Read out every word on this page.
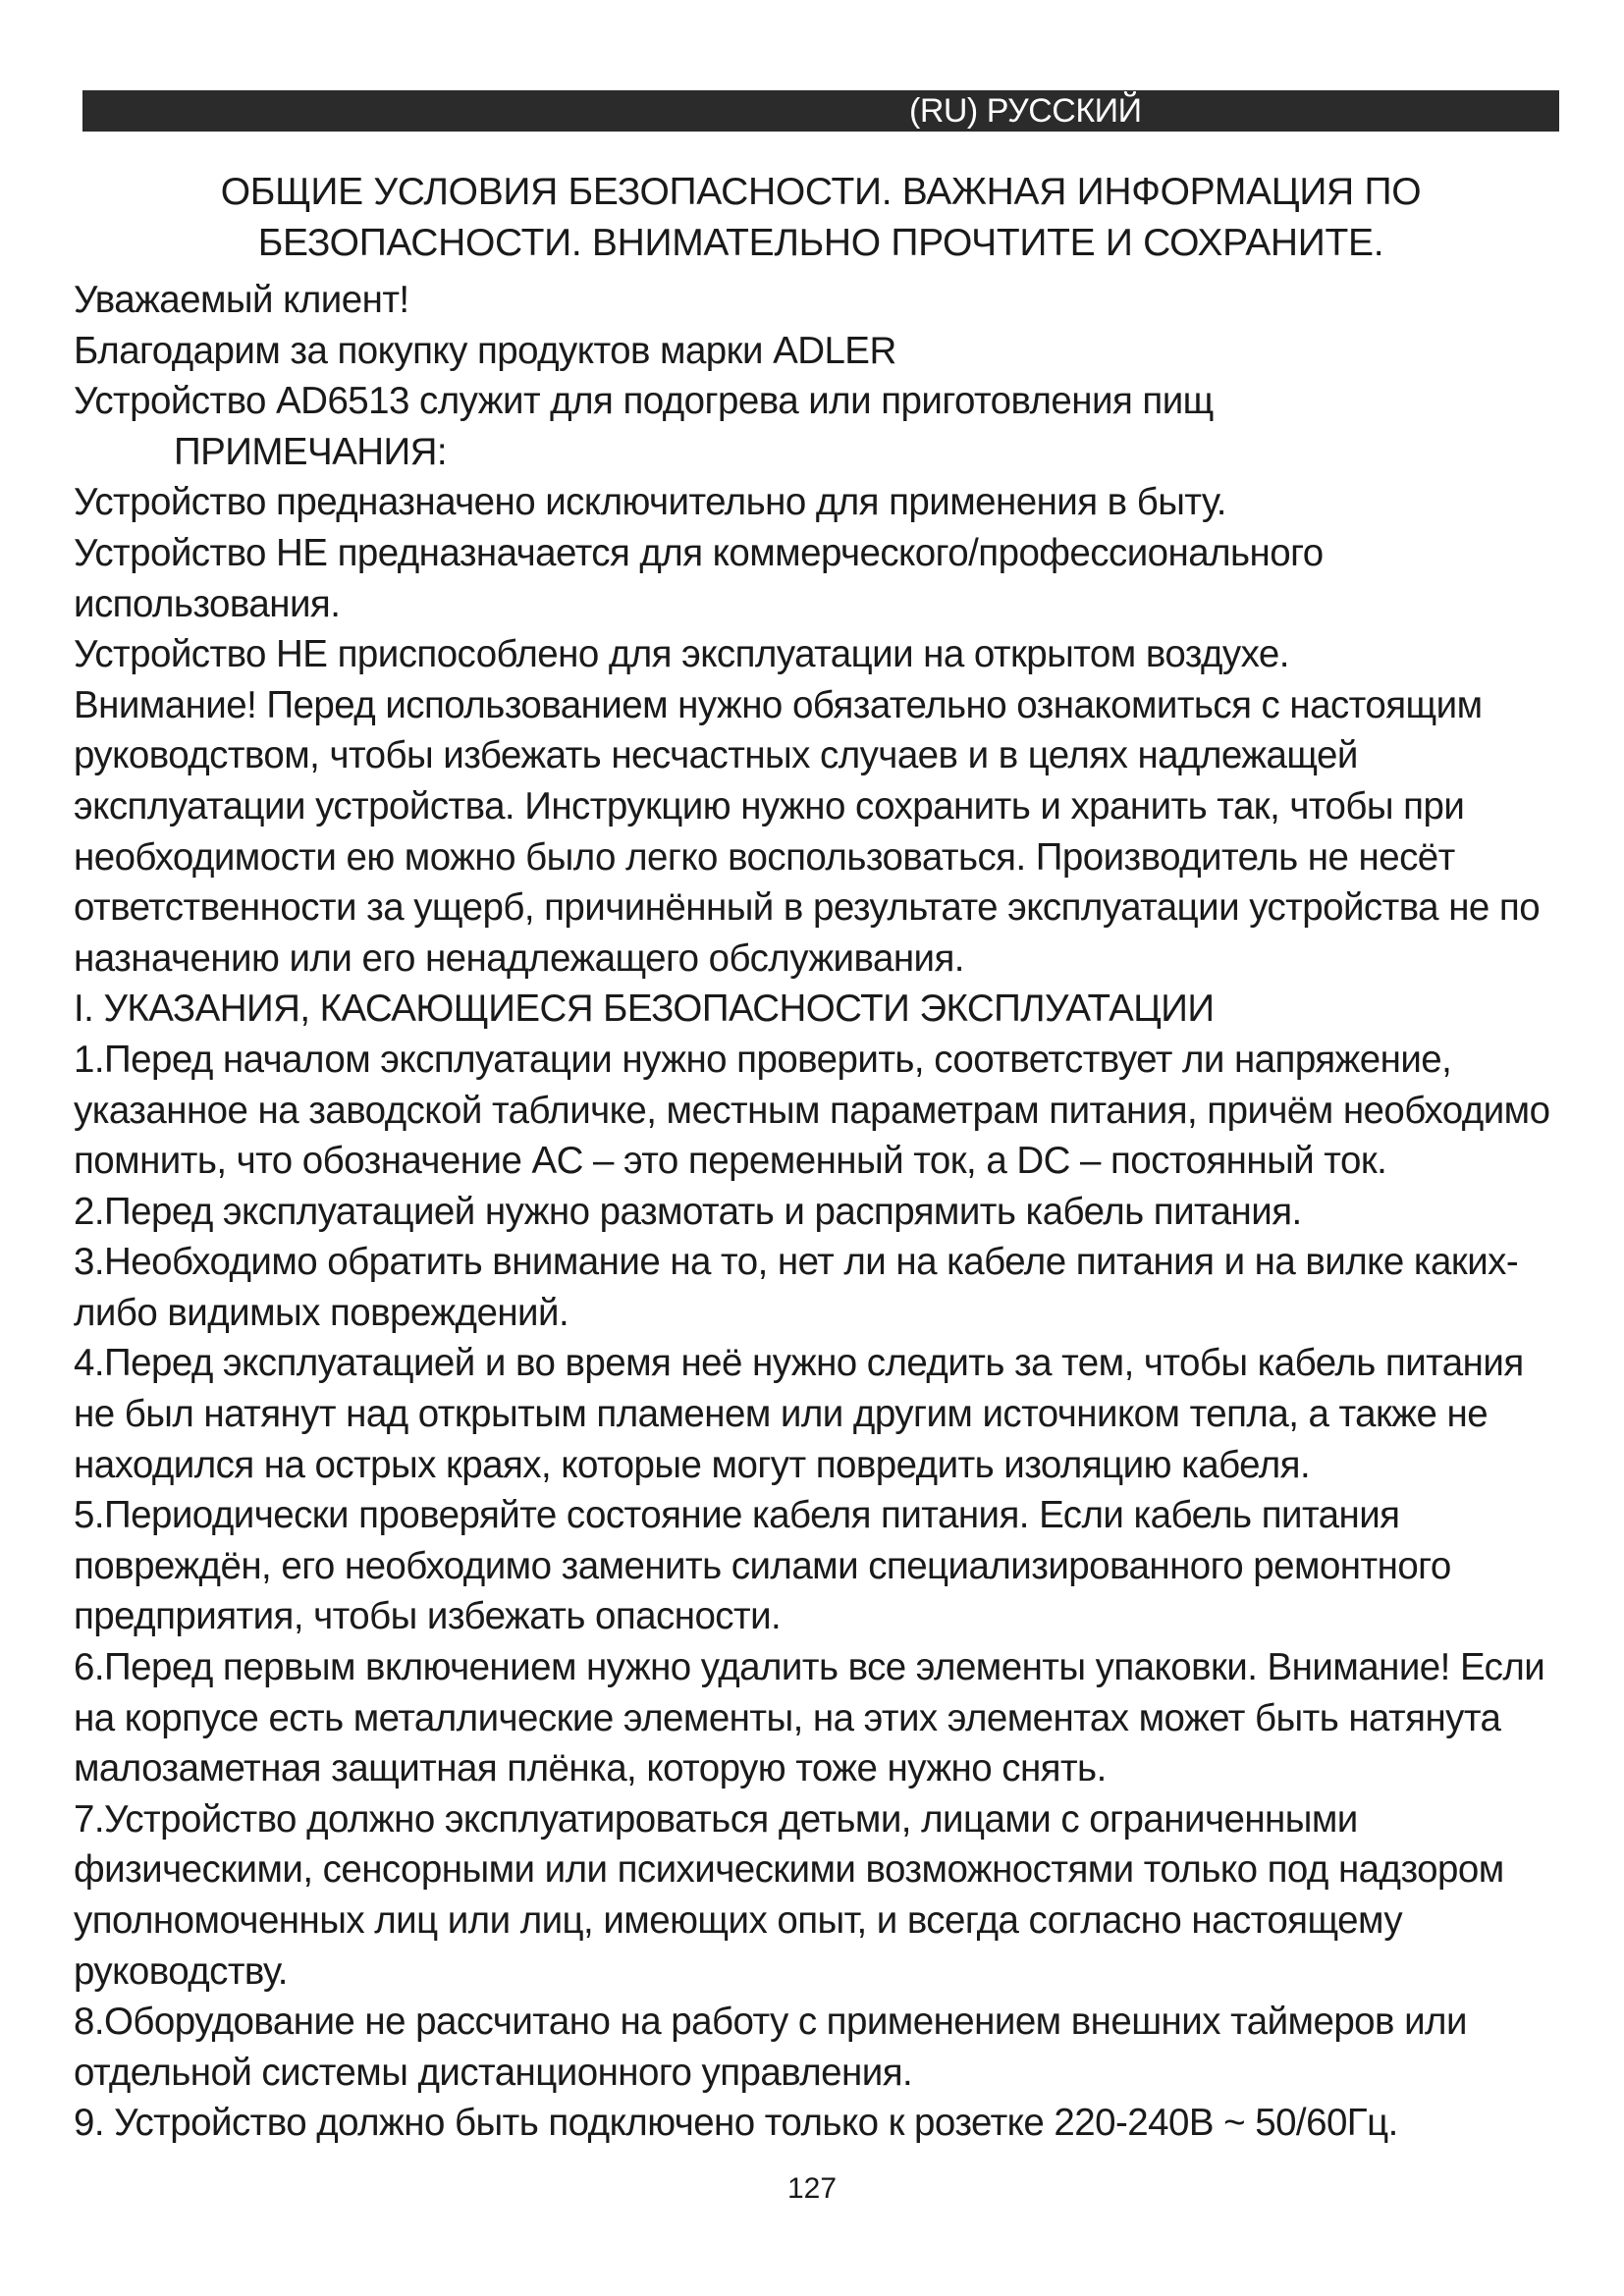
(RU) РУССКИЙ
ОБЩИЕ УСЛОВИЯ БЕЗОПАСНОСТИ. ВАЖНАЯ ИНФОРМАЦИЯ ПО
БЕЗОПАСНОСТИ. ВНИМАТЕЛЬНО ПРОЧТИТЕ И СОХРАНИТЕ.

Уважаемый клиент!

Благодарим за покупку продуктов марки ADLER

Устройство AD6513 служит для подогрева или приготовления пищ

ПРИМЕЧАНИЯ:

Устройство предназначено исключительно для применения в быту.

Устройство НЕ предназначается для коммерческого/профессионального использования.

Устройство НЕ приспособлено для эксплуатации на открытом воздухе.

Внимание! Перед использованием нужно обязательно ознакомиться с настоящим руководством, чтобы избежать несчастных случаев и в целях надлежащей эксплуатации устройства. Инструкцию нужно сохранить и хранить так, чтобы при необходимости ею можно было легко воспользоваться. Производитель не несёт ответственности за ущерб, причинённый в результате эксплуатации устройства не по назначению или его ненадлежащего обслуживания.

I. УКАЗАНИЯ, КАСАЮЩИЕСЯ БЕЗОПАСНОСТИ ЭКСПЛУАТАЦИИ

1.Перед началом эксплуатации нужно проверить, соответствует ли напряжение, указанное на заводской табличке, местным параметрам питания, причём необходимо помнить, что обозначение AC – это переменный ток, а DC – постоянный ток.

2.Перед эксплуатацией нужно размотать и распрямить кабель питания.

3.Необходимо обратить внимание на то, нет ли на кабеле питания и на вилке каких-либо видимых повреждений.

4.Перед эксплуатацией и во время неё нужно следить за тем, чтобы кабель питания не был натянут над открытым пламенем или другим источником тепла, а также не находился на острых краях, которые могут повредить изоляцию кабеля.

5.Периодически проверяйте состояние кабеля питания. Если кабель питания повреждён, его необходимо заменить силами специализированного ремонтного предприятия, чтобы избежать опасности.

6.Перед первым включением нужно удалить все элементы упаковки. Внимание! Если на корпусе есть металлические элементы, на этих элементах может быть натянута малозаметная защитная плёнка, которую тоже нужно снять.

7.Устройство должно эксплуатироваться детьми, лицами с ограниченными физическими, сенсорными или психическими возможностями только под надзором уполномоченных лиц или лиц, имеющих опыт, и всегда согласно настоящему руководству.

8.Оборудование не рассчитано на работу с применением внешних таймеров или отдельной системы дистанционного управления.

9. Устройство должно быть подключено только к розетке 220-240В ~ 50/60Гц.

127
